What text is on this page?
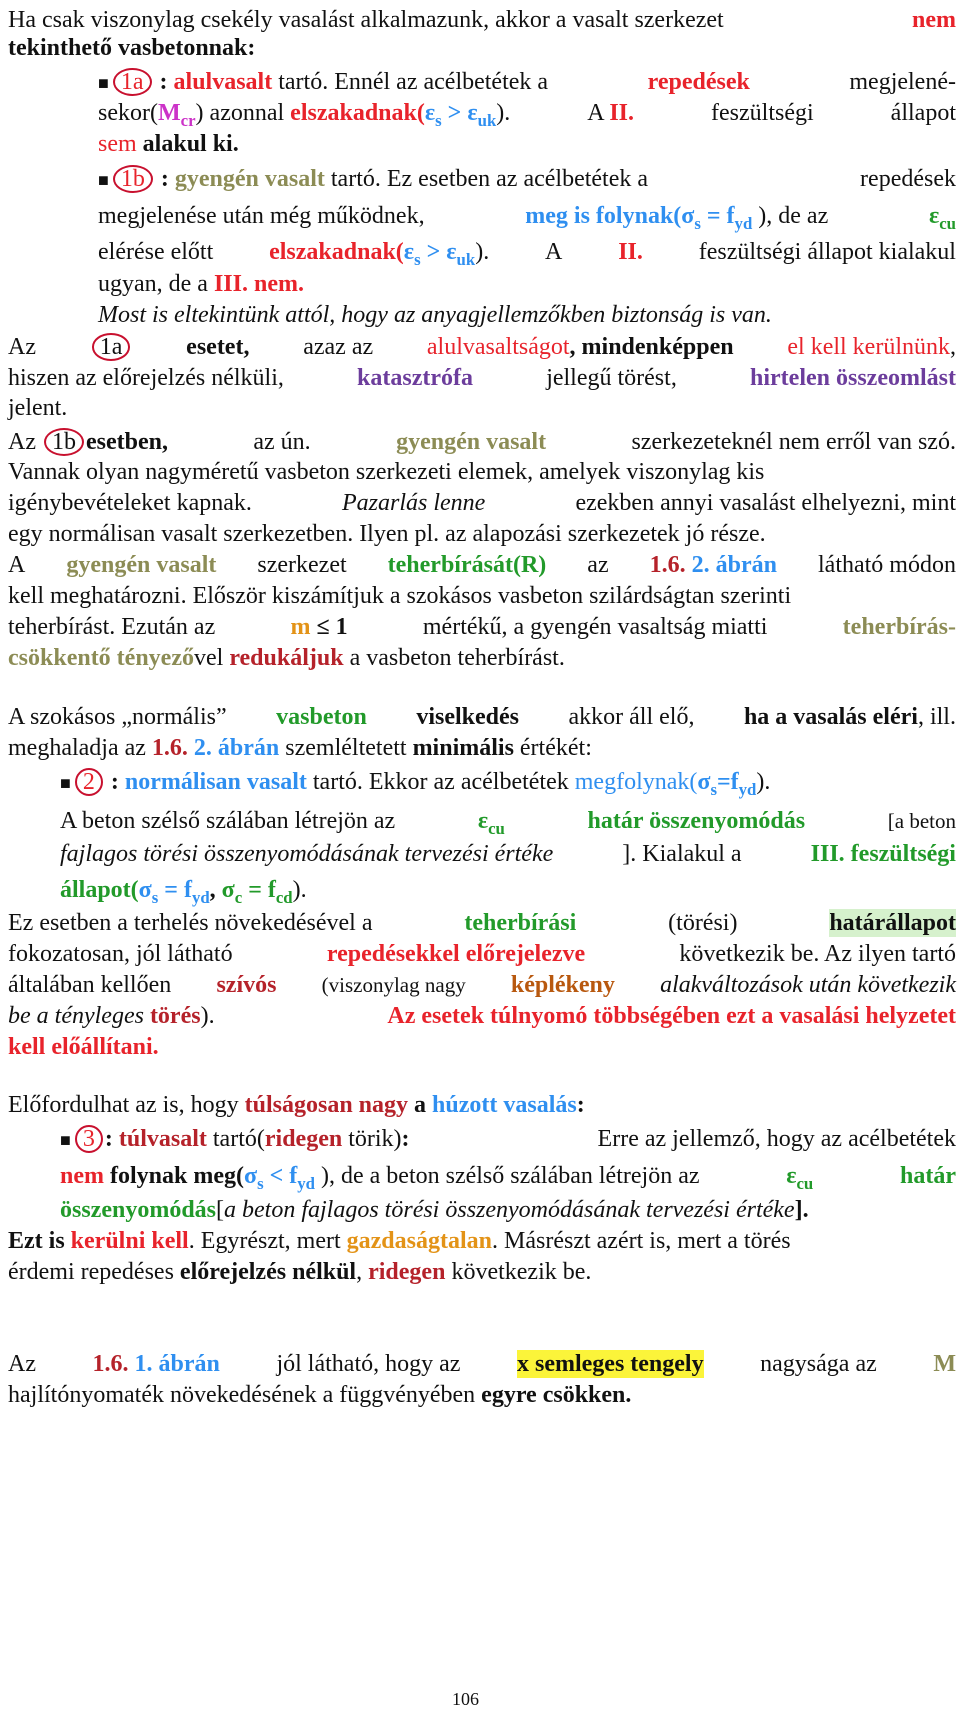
Ha csak viszonylag csekély vasalást alkalmazunk, akkor a vasalt szerkezet	nem
tekinthető vasbetonnak:
■ 1a : alulvasalt tartó. Ennél az acélbetétek a	repedések	megjelené-
$sekor(M_{cr})$ azonnal $elszakadnak(\varepsilon_s > \varepsilon_{uk})$.	A II.	feszültségi	állapot
sem alakul ki.
■ 1b : gyengén vasalt tartó. Ez esetben az acélbetétek a	repedések
megjelenése után még működnek,	meg is $folynak(\sigma_s = f_{yd}$ ), de az	$\varepsilon_{cu}$
elérése előtt $elszakadnak(\varepsilon_s > \varepsilon_{uk})$. A II. feszültségi állapot kialakul
ugyan, de a III. nem.
Most is eltekintünk attól, hogy az anyagjellemzőkben biztonság is van.
Az	1a	esetet, azaz az alulvasaltságot, mindenképpen el kell kerülnünk,
hiszen az előrejelzés nélküli,	katasztrófa	jellegű törést,	hirtelen összeomlást
jelent.
Az 1b esetben,	az ún.	gyengén vasalt	szerkezeteknél nem erről van szó.
Vannak olyan nagyméretű vasbeton szerkezeti elemek, amelyek viszonylag kis
igénybevételeket kapnak.	Pazarlás lenne	ezekben annyi vasalást elhelyezni, mint
egy normálisan vasalt szerkezetben. Ilyen pl. az alapozási szerkezetek jó része.
A gyengén vasalt szerkezet teherbírását(R) az 1.6. 2. ábrán látható módon
kell meghatározni. Először kiszámítjuk a szokásos vasbeton szilárdságtan szerinti
teherbírást. Ezután az	m ≤ 1	mértékű, a gyengén vasaltság miatti	teherbírás-
csökkentő tényezővel redukáljuk a vasbeton teherbírást.
A szokásos „normális” vasbeton viselkedés akkor áll elő, ha a vasalás eléri, ill.
meghaladja az 1.6. 2. ábrán szemléltetett minimális értékét:
■ 2 : normálisan vasalt tartó. Ekkor az acélbetétek $megfolynak(\sigma_s=f_{yd})$.
A beton szélső szálában létrejön az	$\varepsilon_{cu}$	határ összenyomódás	[a beton
fajlagos törési összenyomódásának tervezési értéke	]. Kialakul a	III. feszültségi
$állapot(\sigma_s = f_{yd}$, $\sigma_c = f_{cd}$).
Ez esetben a terhelés növekedésével a	teherbírási	(törési)	határállapot
fokozatosan, jól látható	repedésekkel előrejelezve	következik be. Az ilyen tartó
általában kellően szívós (viszonylag nagy képlékeny alakváltozások után következik
be a tényleges törés).	Az esetek túlnyomó többségében ezt a vasalási helyzetet
kell előállítani.
Előfordulhat az is, hogy túlságosan nagy a húzott vasalás:
■ 3 : túlvasalt tartó(ridegen törik):	Erre az jellemző, hogy az acélbetétek
nem folynak $meg(\sigma_s < f_{yd}$ ), de a beton szélső szálában létrejön az	$\varepsilon_{cu}$	határ
összenyomódás[a beton fajlagos törési összenyomódásának tervezési értéke].
Ezt is kerülni kell. Egyrészt, mert gazdaságtalan. Másrészt azért is, mert a törés
érdemi repedéses előrejelzés nélkül, ridegen következik be.
Az 1.6. 1. ábrán jól látható, hogy az x semleges tengely nagysága az M
hajlítónyomaték növekedésének a függvényében egyre csökken.
106
